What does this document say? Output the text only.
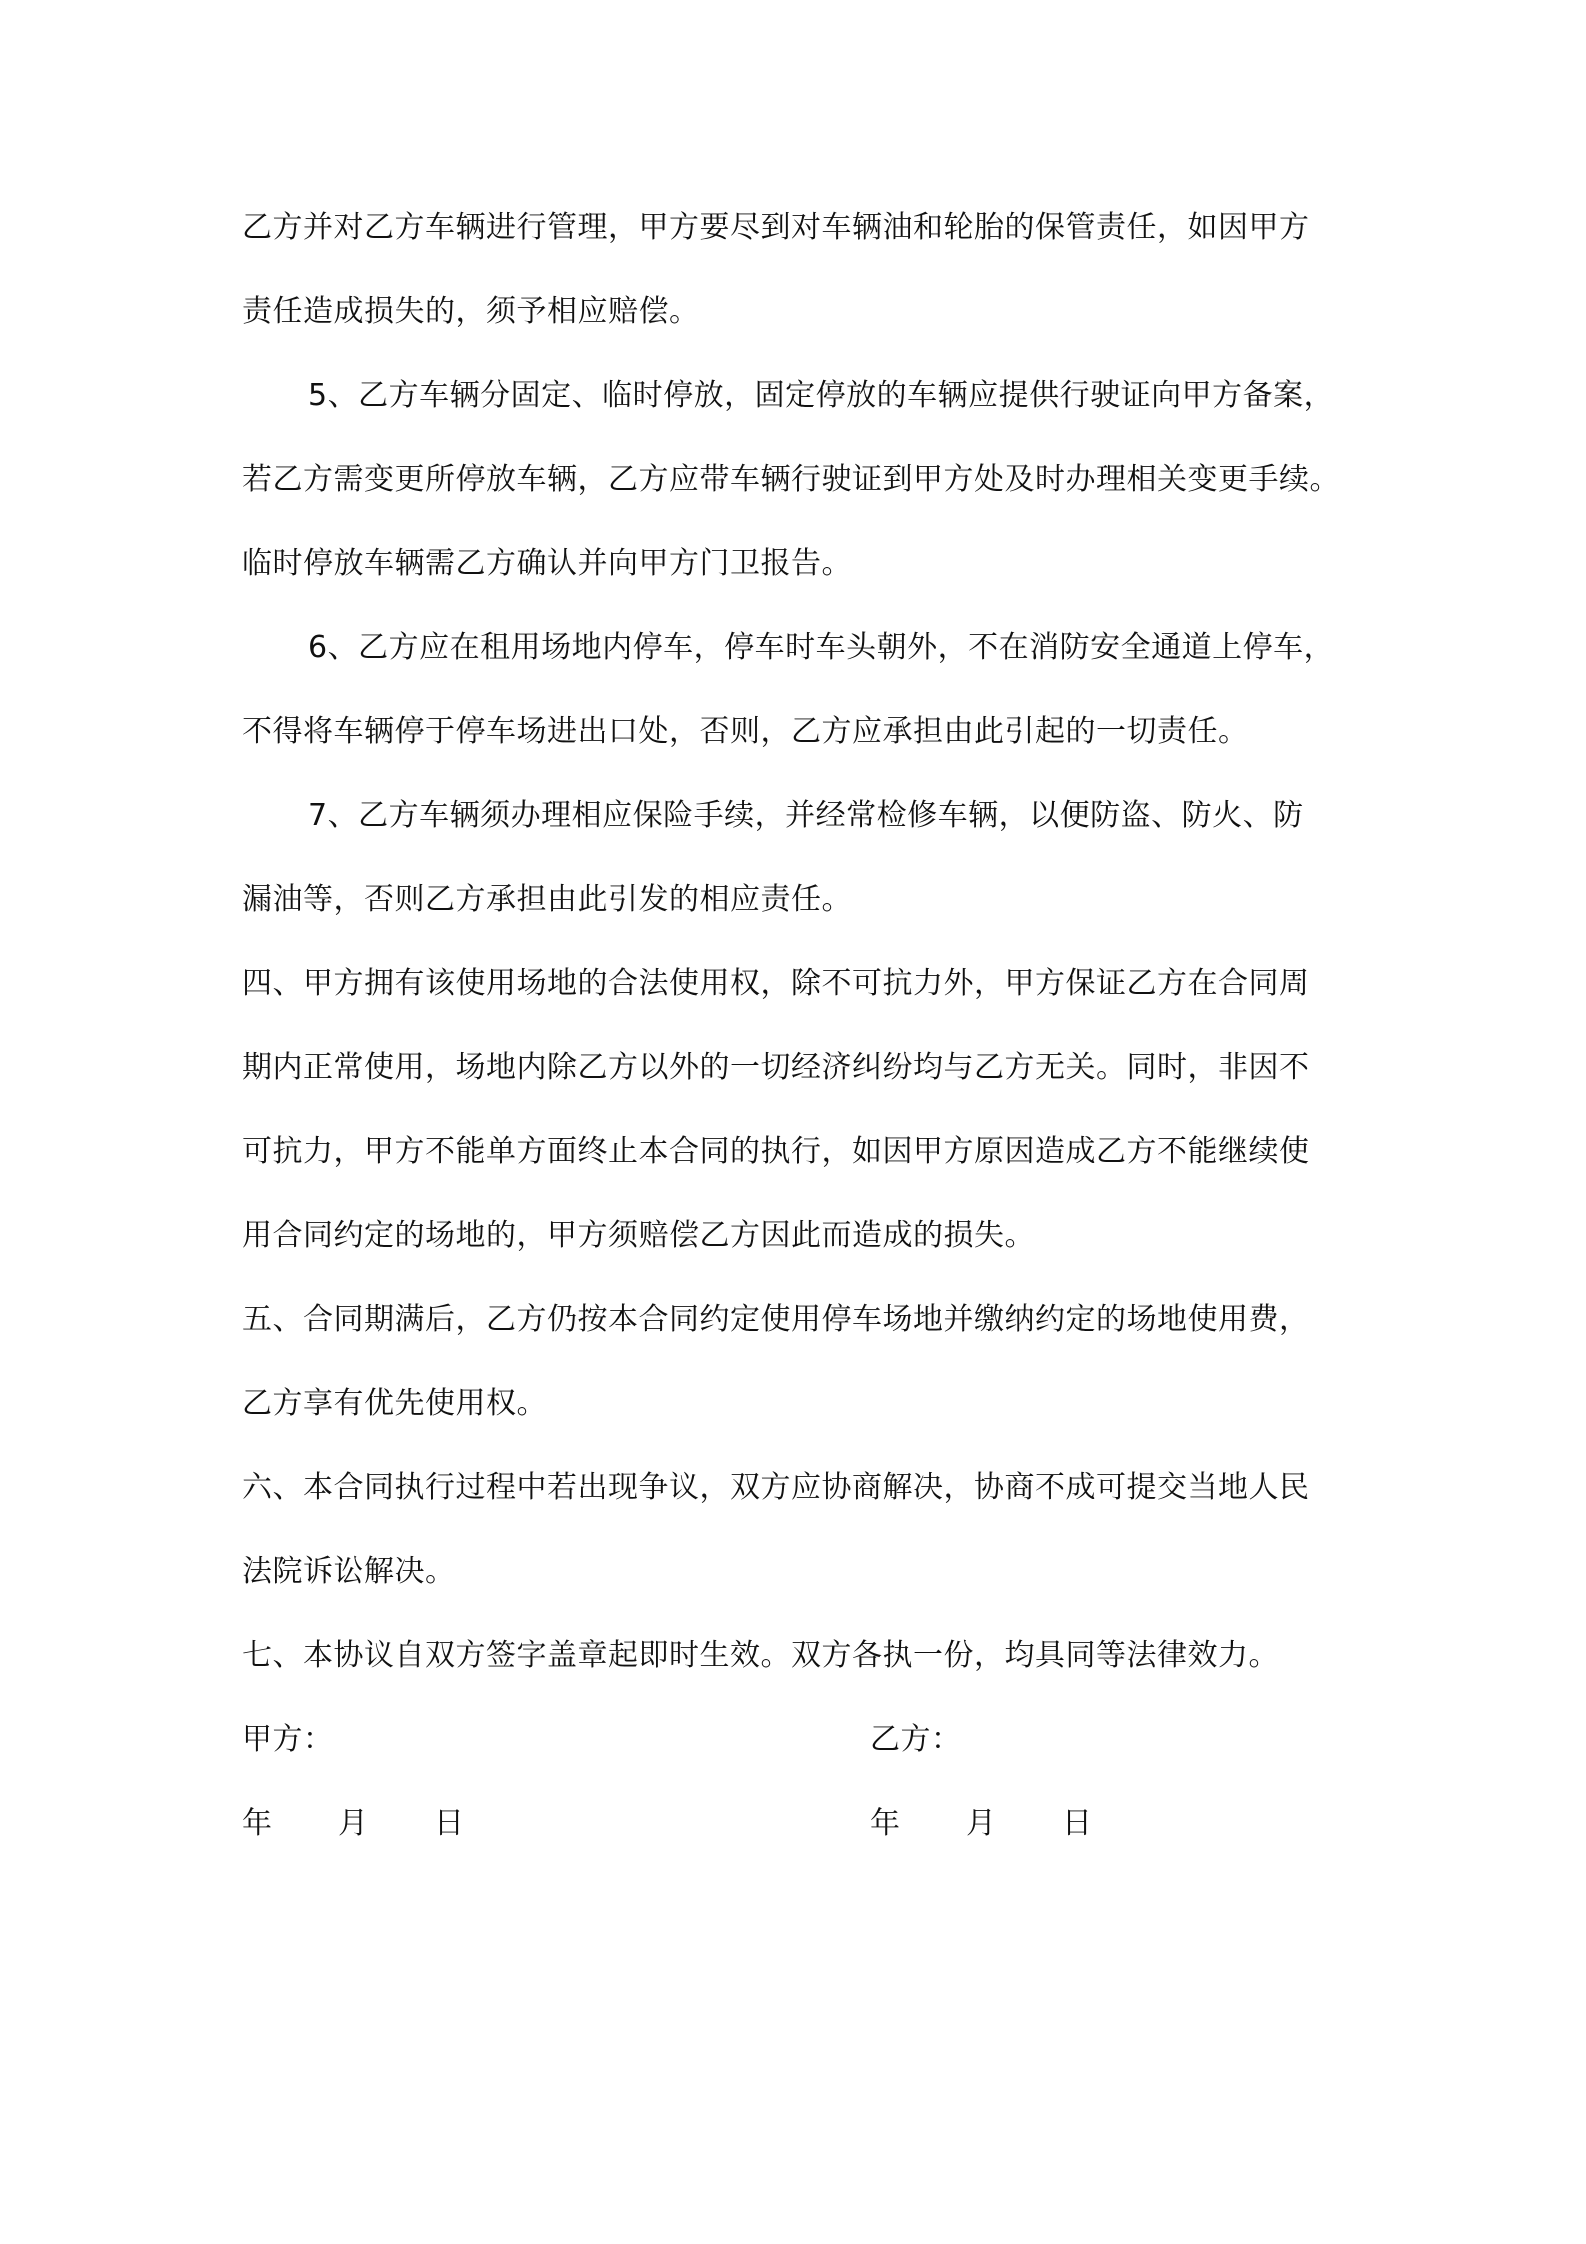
乙方并对乙方车辆进行管理，甲方要尽到对车辆油和轮胎的保管责任，如因甲方
责任造成损失的，须予相应赔偿。
5、乙方车辆分固定、临时停放，固定停放的车辆应提供行驶证向甲方备案，
若乙方需变更所停放车辆，乙方应带车辆行驶证到甲方处及时办理相关变更手续。
临时停放车辆需乙方确认并向甲方门卫报告。
6、乙方应在租用场地内停车，停车时车头朝外，不在消防安全通道上停车，
不得将车辆停于停车场进出口处，否则，乙方应承担由此引起的一切责任。
7、乙方车辆须办理相应保险手续，并经常检修车辆，以便防盗、防火、防
漏油等，否则乙方承担由此引发的相应责任。
四、甲方拥有该使用场地的合法使用权，除不可抗力外，甲方保证乙方在合同周
期内正常使用，场地内除乙方以外的一切经济纠纷均与乙方无关。同时，非因不
可抗力，甲方不能单方面终止本合同的执行，如因甲方原因造成乙方不能继续使
用合同约定的场地的，甲方须赔偿乙方因此而造成的损失。
五、合同期满后，乙方仍按本合同约定使用停车场地并缴纳约定的场地使用费，
乙方享有优先使用权。
六、本合同执行过程中若出现争议，双方应协商解决，协商不成可提交当地人民
法院诉讼解决。
七、本协议自双方签字盖章起即时生效。双方各执一份，均具同等法律效力。
甲方：	乙方：
年 月 日	年 月 日
